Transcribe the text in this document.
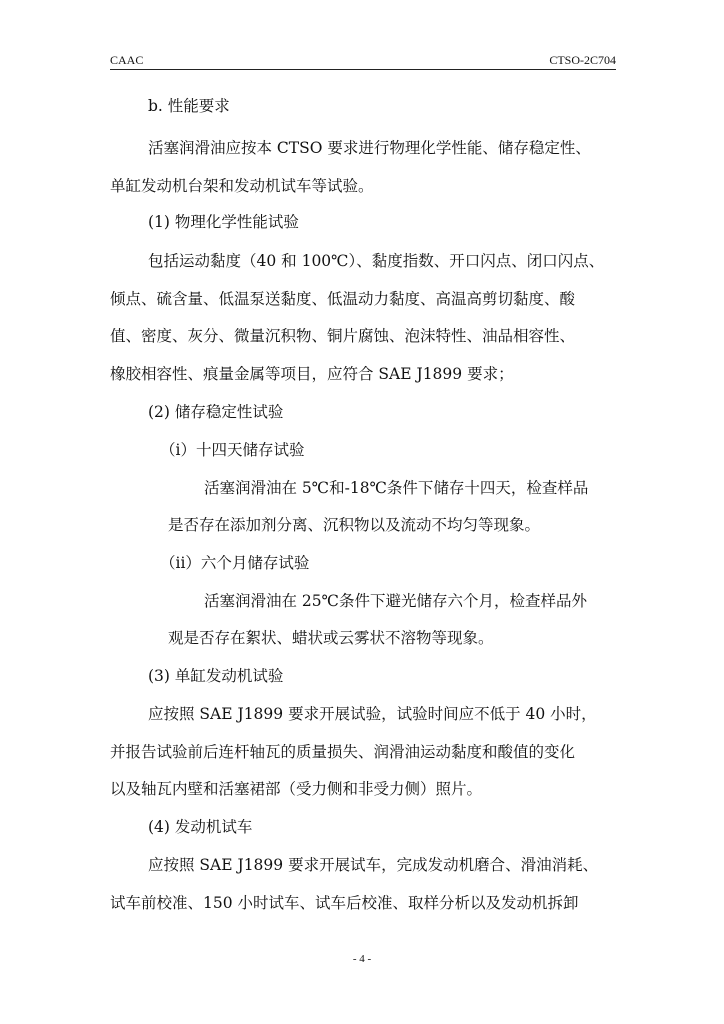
CAAC	CTSO-2C704
b. 性能要求
活塞润滑油应按本 CTSO 要求进行物理化学性能、储存稳定性、
单缸发动机台架和发动机试车等试验。
(1) 物理化学性能试验
包括运动黏度（40 和 100℃）、黏度指数、开口闪点、闭口闪点、
倾点、硫含量、低温泵送黏度、低温动力黏度、高温高剪切黏度、酸
值、密度、灰分、微量沉积物、铜片腐蚀、泡沫特性、油品相容性、
橡胶相容性、痕量金属等项目，应符合 SAE J1899 要求；
(2) 储存稳定性试验
（i）十四天储存试验
活塞润滑油在 5℃和-18℃条件下储存十四天，检查样品
是否存在添加剂分离、沉积物以及流动不均匀等现象。
（ii）六个月储存试验
活塞润滑油在 25℃条件下避光储存六个月，检查样品外
观是否存在絮状、蜡状或云雾状不溶物等现象。
(3) 单缸发动机试验
应按照 SAE J1899 要求开展试验，试验时间应不低于 40 小时，
并报告试验前后连杆轴瓦的质量损失、润滑油运动黏度和酸值的变化
以及轴瓦内壁和活塞裙部（受力侧和非受力侧）照片。
(4) 发动机试车
应按照 SAE J1899 要求开展试车，完成发动机磨合、滑油消耗、
试车前校准、150 小时试车、试车后校准、取样分析以及发动机拆卸
- 4 -
